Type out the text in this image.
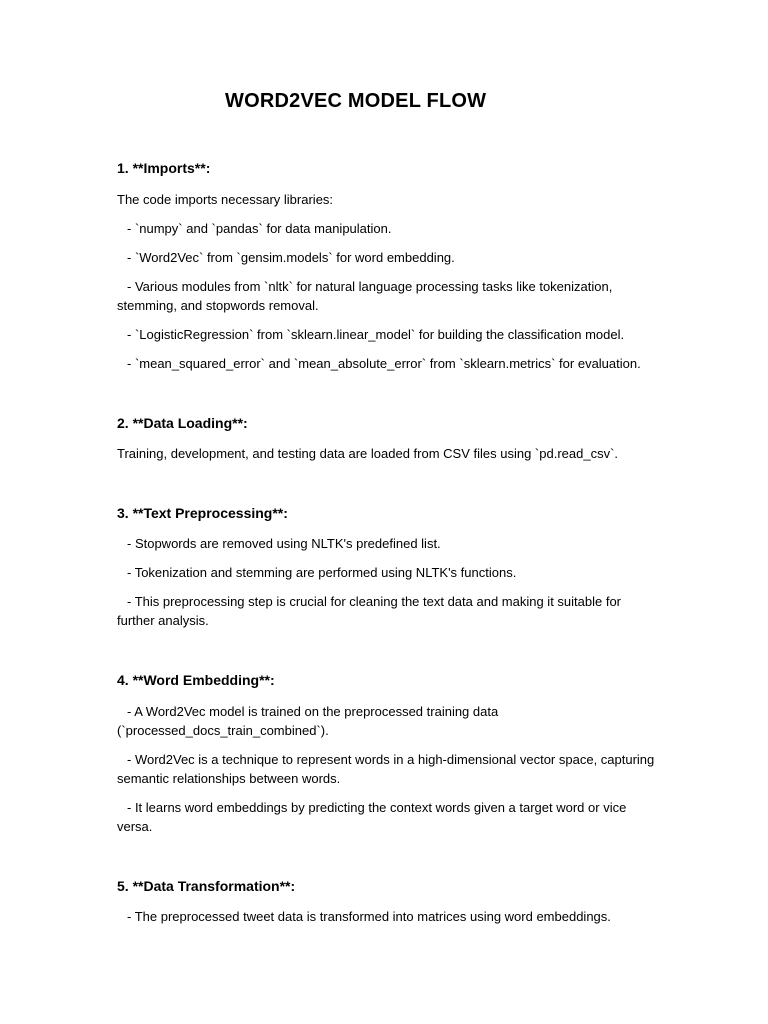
WORD2VEC MODEL FLOW
1. **Imports**:
The code imports necessary libraries:
- `numpy` and `pandas` for data manipulation.
- `Word2Vec` from `gensim.models` for word embedding.
- Various modules from `nltk` for natural language processing tasks like tokenization, stemming, and stopwords removal.
- `LogisticRegression` from `sklearn.linear_model` for building the classification model.
- `mean_squared_error` and `mean_absolute_error` from `sklearn.metrics` for evaluation.
2. **Data Loading**:
Training, development, and testing data are loaded from CSV files using `pd.read_csv`.
3. **Text Preprocessing**:
- Stopwords are removed using NLTK's predefined list.
- Tokenization and stemming are performed using NLTK's functions.
- This preprocessing step is crucial for cleaning the text data and making it suitable for further analysis.
4. **Word Embedding**:
- A Word2Vec model is trained on the preprocessed training data (`processed_docs_train_combined`).
- Word2Vec is a technique to represent words in a high-dimensional vector space, capturing semantic relationships between words.
- It learns word embeddings by predicting the context words given a target word or vice versa.
5. **Data Transformation**:
- The preprocessed tweet data is transformed into matrices using word embeddings.
